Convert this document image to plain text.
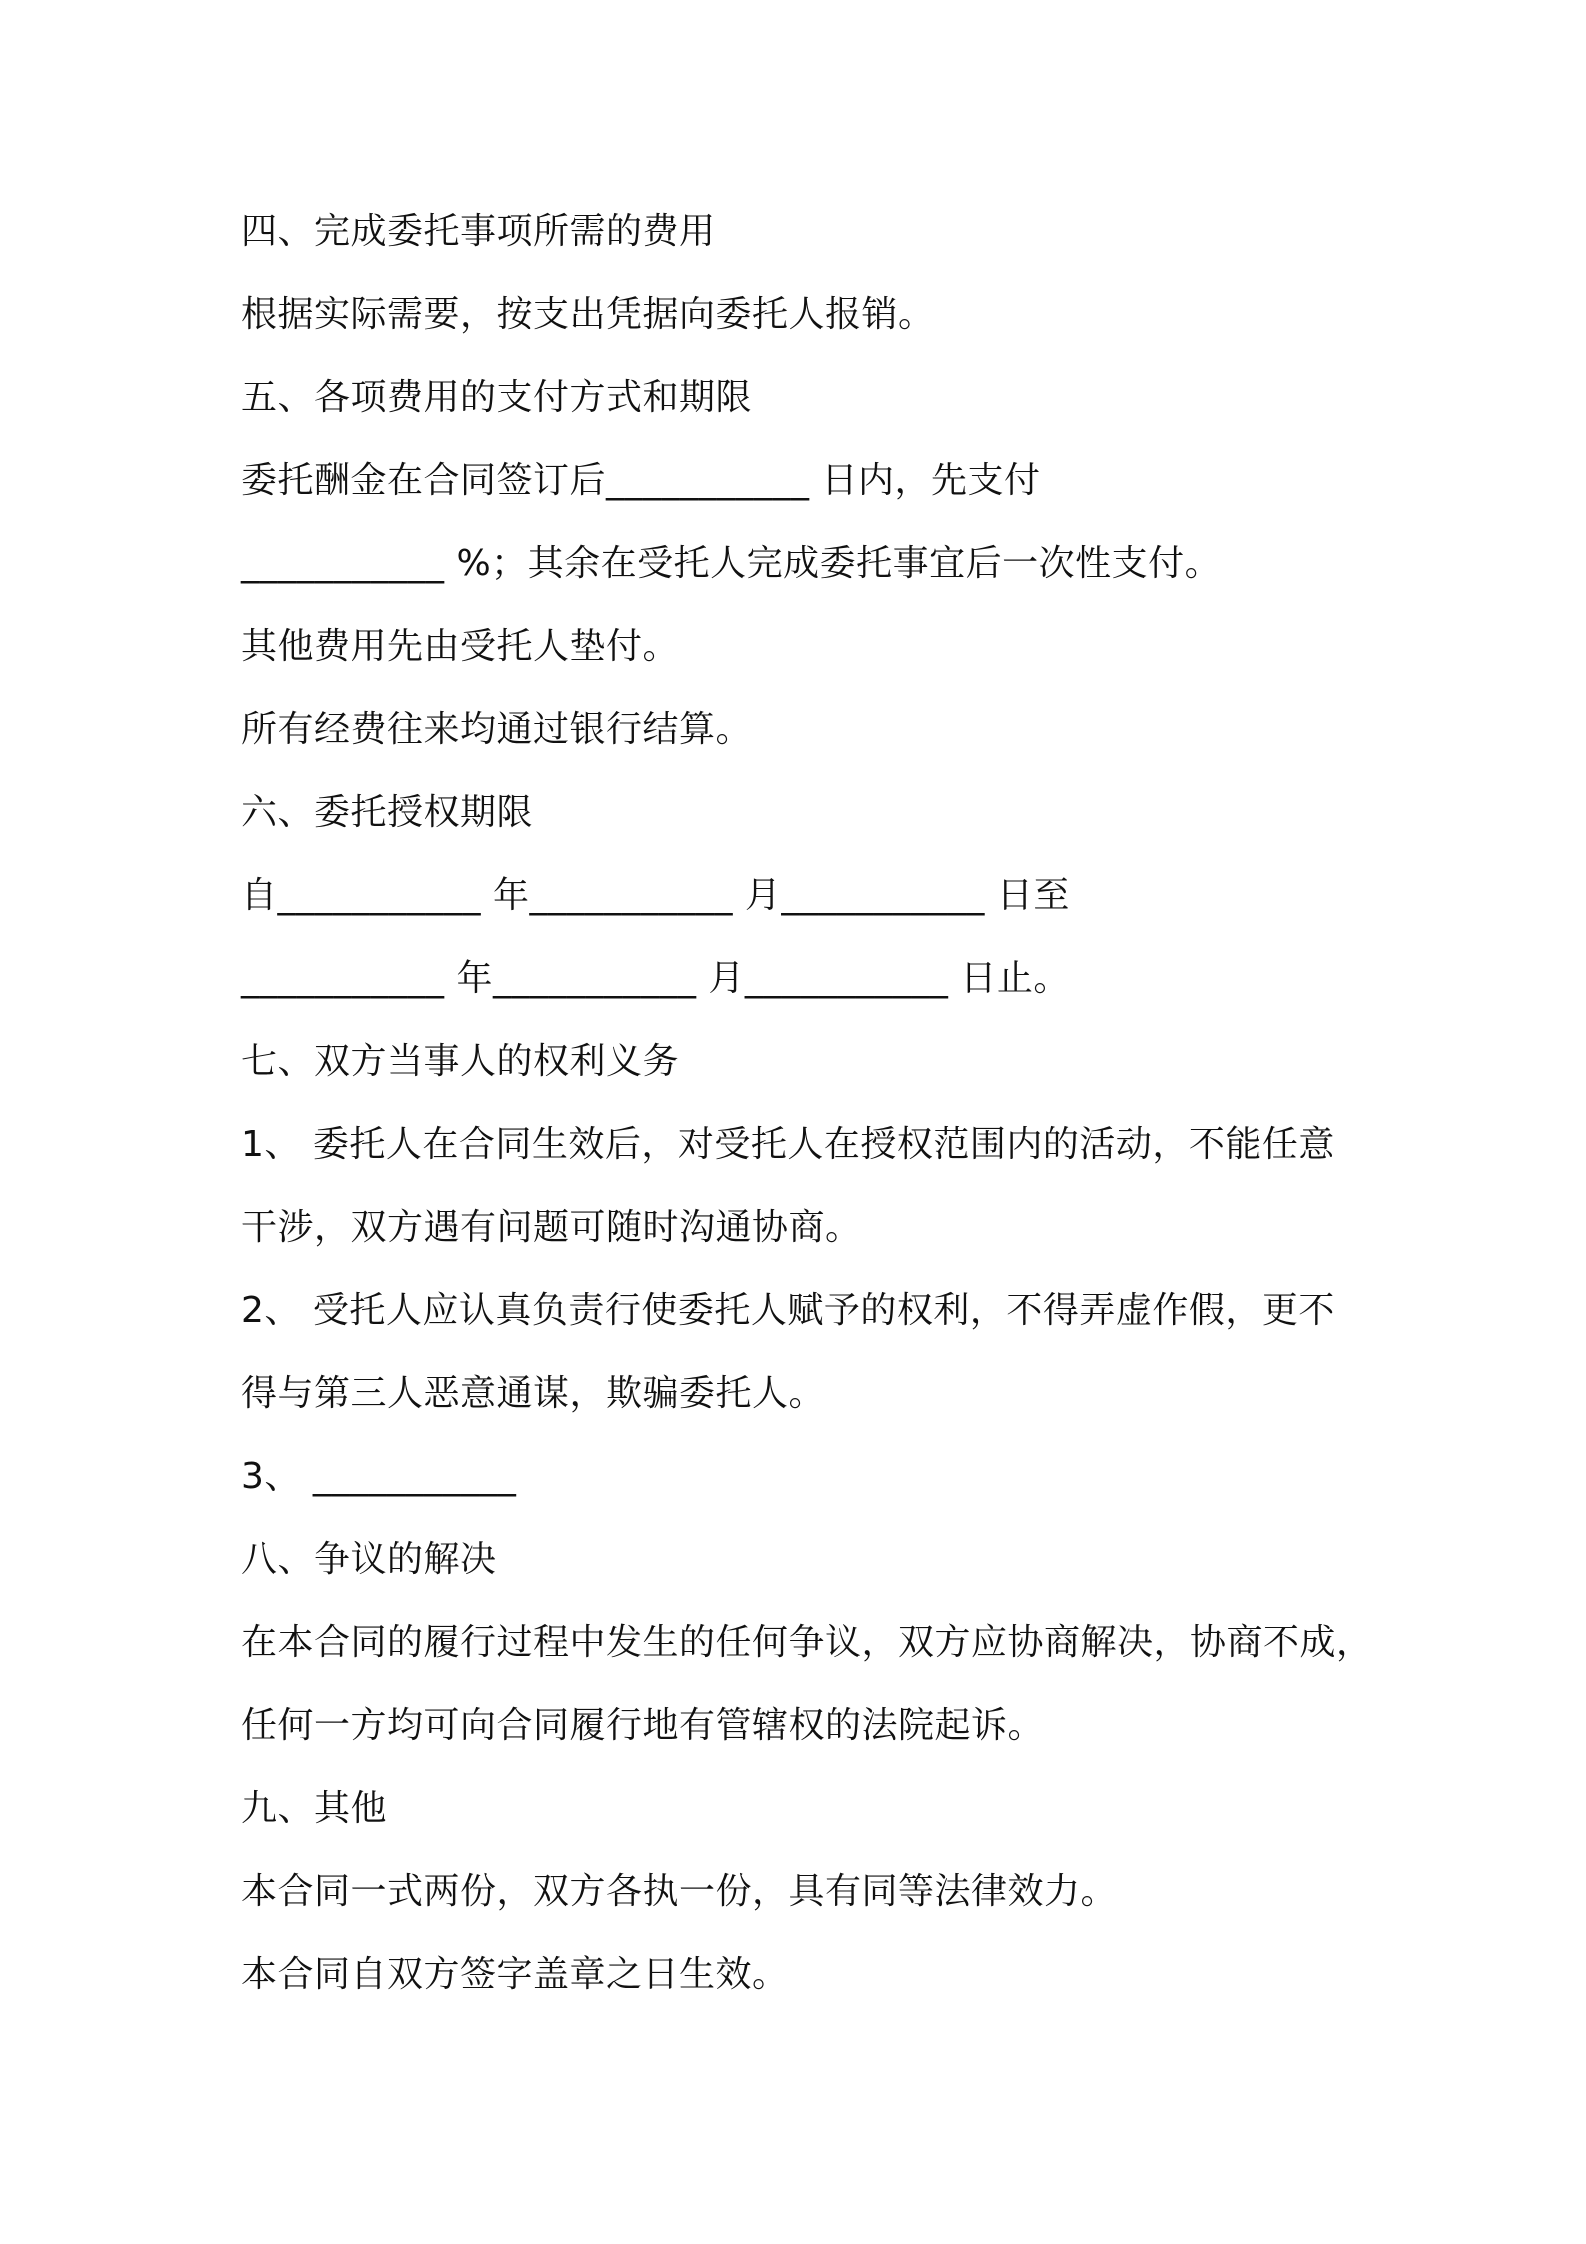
四、完成委托事项所需的费用
根据实际需要，按支出凭据向委托人报销。
五、各项费用的支付方式和期限
委托酬金在合同签订后___________ 日内，先支付
___________ %；其余在受托人完成委托事宜后一次性支付。
其他费用先由受托人垫付。
所有经费往来均通过银行结算。
六、委托授权期限
自___________ 年___________ 月___________ 日至
___________ 年___________ 月___________ 日止。
七、双方当事人的权利义务
1、 委托人在合同生效后，对受托人在授权范围内的活动，不能任意
干涉，双方遇有问题可随时沟通协商。
2、 受托人应认真负责行使委托人赋予的权利，不得弄虚作假，更不
得与第三人恶意通谋，欺骗委托人。
3、 ___________
八、争议的解决
在本合同的履行过程中发生的任何争议，双方应协商解决，协商不成，
任何一方均可向合同履行地有管辖权的法院起诉。
九、其他
本合同一式两份，双方各执一份，具有同等法律效力。
本合同自双方签字盖章之日生效。
